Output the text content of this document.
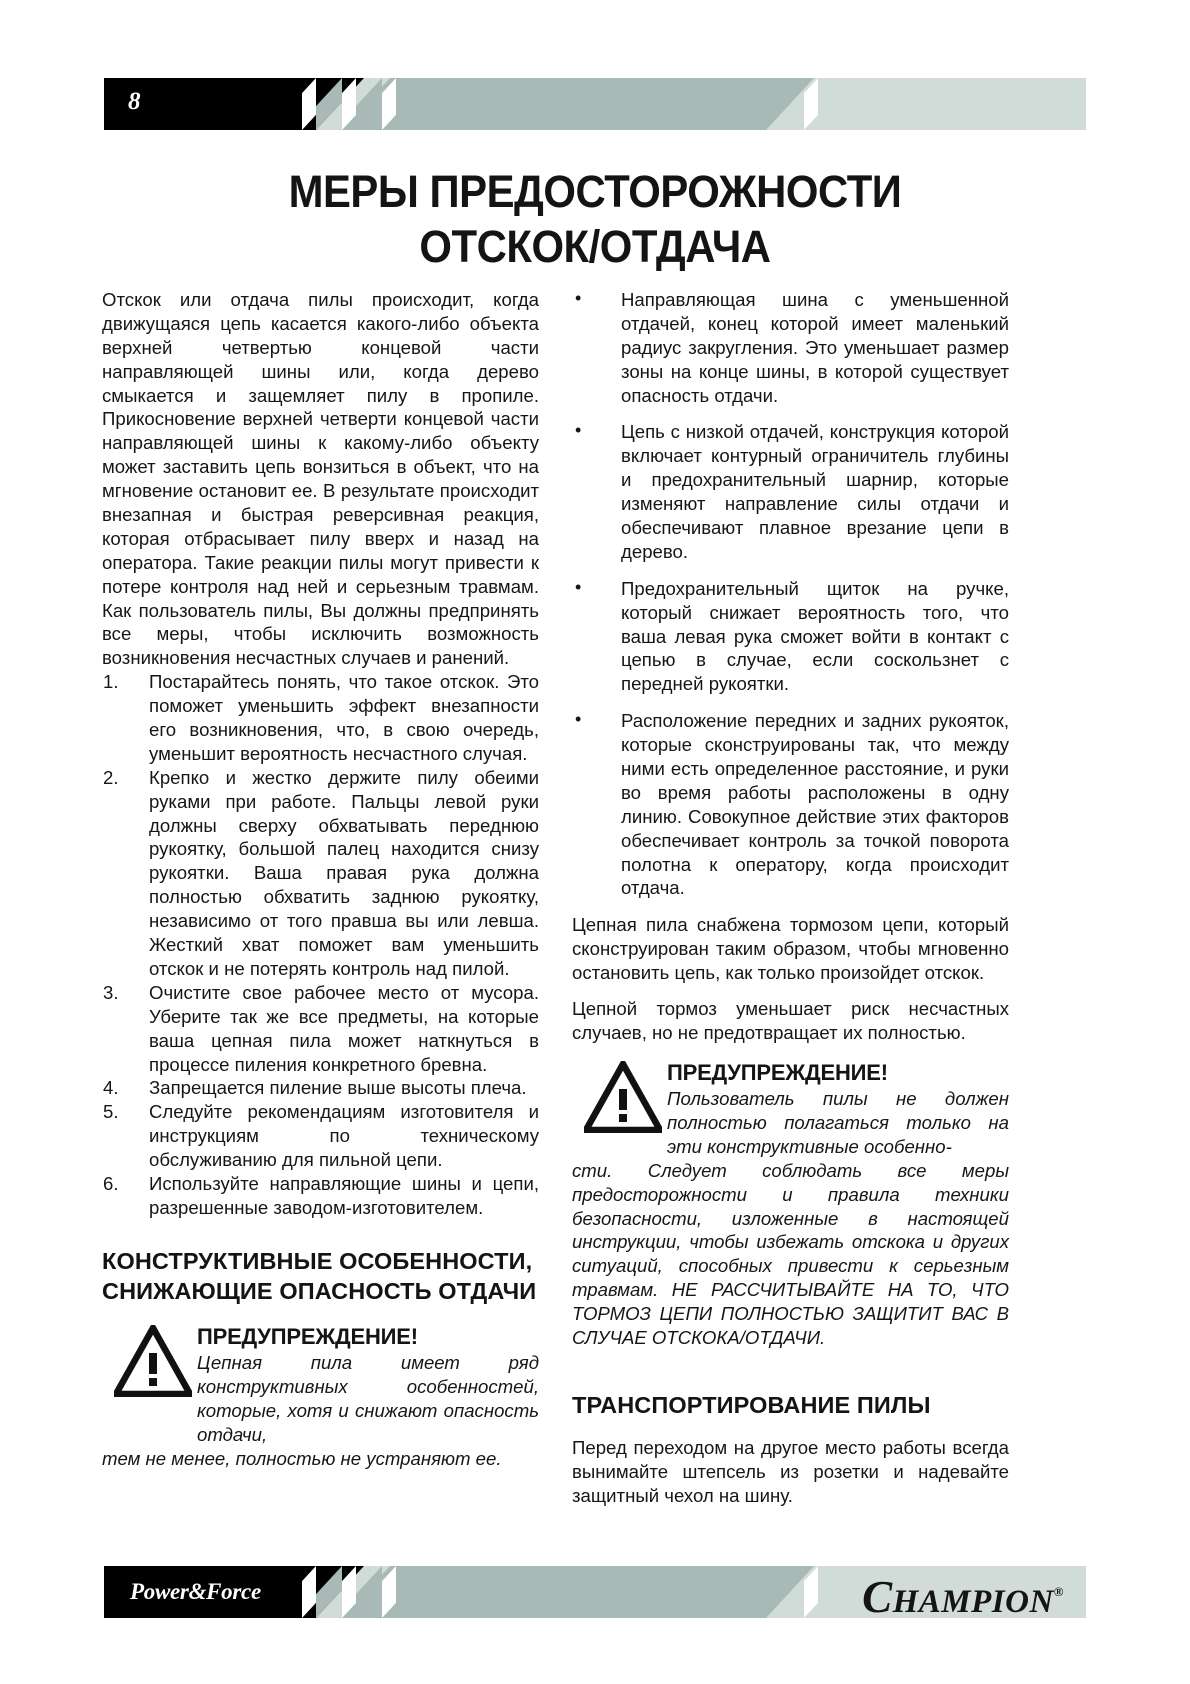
8
МЕРЫ ПРЕДОСТОРОЖНОСТИ
ОТСКОК/ОТДАЧА

Отскок или отдача пилы происходит, когда движущаяся цепь касается какого-либо объекта верхней четвертью концевой части направляющей шины или, когда дерево смыкается и защемляет пилу в пропиле. Прикосновение верхней четверти концевой части направляющей шины к какому-либо объекту может заставить цепь вонзиться в объект, что на мгновение остановит ее. В результате происходит внезапная и быстрая реверсивная реакция, которая отбрасывает пилу вверх и назад на оператора. Такие реакции пилы могут привести к потере контроля над ней и серьезным травмам. Как пользователь пилы, Вы должны предпринять все меры, чтобы исключить возможность возникновения несчастных случаев и ранений.

1.	Постарайтесь понять, что такое отскок. Это поможет уменьшить эффект внезапности его возникновения, что, в свою очередь, уменьшит вероятность несчастного случая.
2.	Крепко и жестко держите пилу обеими руками при работе. Пальцы левой руки должны сверху обхватывать переднюю рукоятку, большой палец находится снизу рукоятки. Ваша правая рука должна полностью обхватить заднюю рукоятку, независимо от того правша вы или левша. Жесткий хват поможет вам уменьшить отскок и не потерять контроль над пилой.
3.	Очистите свое рабочее место от мусора. Уберите так же все предметы, на которые ваша цепная пила может наткнуться в процессе пиления конкретного бревна.
4.	Запрещается пиление выше высоты плеча.
5.	Следуйте рекомендациям изготовителя и инструкциям по техническому обслуживанию для пильной цепи.
6.	Используйте направляющие шины и цепи, разрешенные заводом-изготовителем.
КОНСТРУКТИВНЫЕ ОСОБЕННОСТИ, СНИЖАЮЩИЕ ОПАСНОСТЬ ОТДАЧИ
ПРЕДУПРЕЖДЕНИЕ!
Цепная пила имеет ряд конструктивных особенностей, которые, хотя и снижают опасность отдачи,
тем не менее, полностью не устраняют ее.
• Направляющая шина с уменьшенной отдачей, конец которой имеет маленький радиус закругления. Это уменьшает размер зоны на конце шины, в которой существует опасность отдачи.
• Цепь с низкой отдачей, конструкция которой включает контурный ограничитель глубины и предохранительный шарнир, которые изменяют направление силы отдачи и обеспечивают плавное врезание цепи в дерево.
• Предохранительный щиток на ручке, который снижает вероятность того, что ваша левая рука сможет войти в контакт с цепью в случае, если соскользнет с передней рукоятки.
• Расположение передних и задних рукояток, которые сконструированы так, что между ними есть определенное расстояние, и руки во время работы расположены в одну линию. Совокупное действие этих факторов обеспечивает контроль за точкой поворота полотна к оператору, когда происходит отдача.

Цепная пила снабжена тормозом цепи, который сконструирован таким образом, чтобы мгновенно остановить цепь, как только произойдет отскок.

Цепной тормоз уменьшает риск несчастных случаев, но не предотвращает их полностью.

ПРЕДУПРЕЖДЕНИЕ!
Пользователь пилы не должен полностью полагаться только на эти конструктивные особенно-
сти. Следует соблюдать все меры предосторожности и правила техники безопасности, изложенные в настоящей инструкции, чтобы избежать отскока и других ситуаций, способных привести к серьезным травмам. НЕ РАССЧИТЫВАЙТЕ НА ТО, ЧТО ТОРМОЗ ЦЕПИ ПОЛНОСТЬЮ ЗАЩИТИТ ВАС В СЛУЧАЕ ОТСКОКА/ОТДАЧИ.
ТРАНСПОРТИРОВАНИЕ ПИЛЫ

Перед переходом на другое место работы всегда вынимайте штепсель из розетки и надевайте защитный чехол на шину.

Power&Force	CHAMPION®
